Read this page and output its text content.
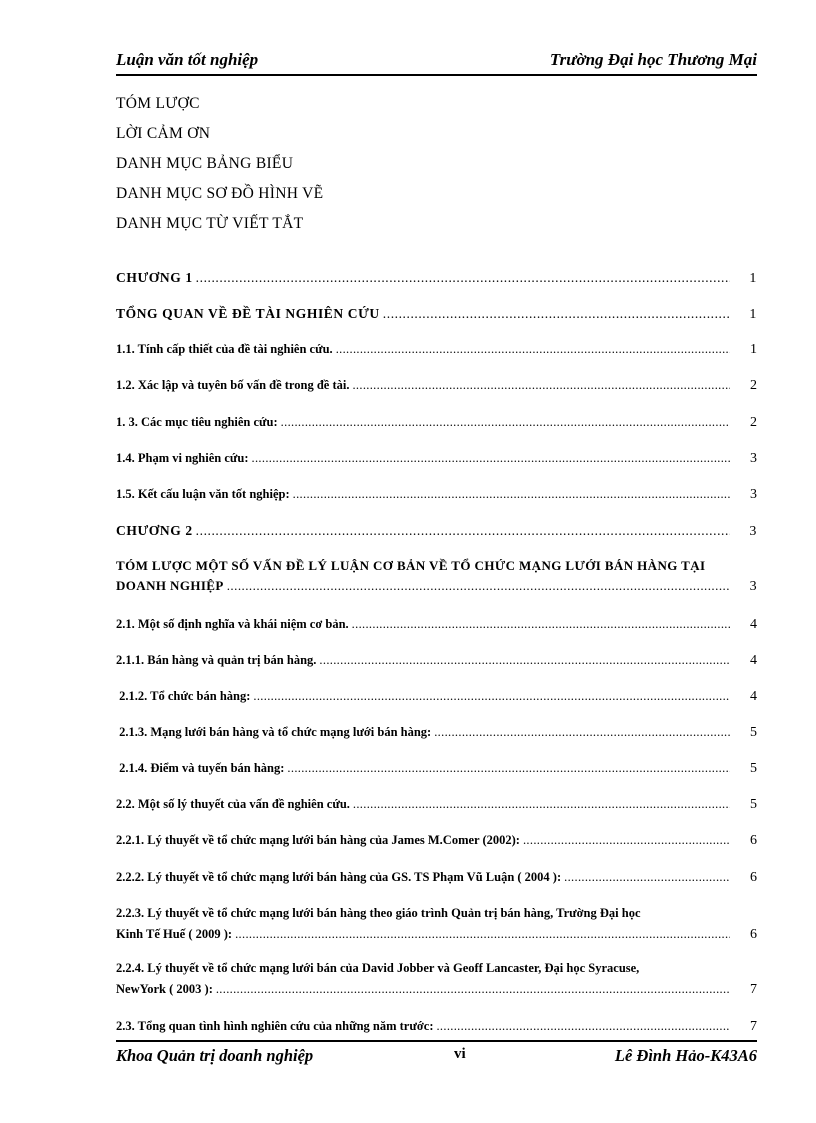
Luận văn tốt nghiệp	Trường Đại học Thương Mại
TÓM LƯỢC
LỜI CẢM ƠN
DANH MỤC BẢNG BIỂU
DANH MỤC SƠ ĐỒ HÌNH VẼ
DANH MỤC TỪ VIẾT TẮT
CHƯƠNG 1 . . .	1
TỔNG QUAN VỀ ĐỀ TÀI NGHIÊN CỨU . . .	1
1.1. Tính cấp thiết của đề tài nghiên cứu. . . .	1
1.2. Xác lập và tuyên bố vấn đề trong đề tài. . . .	2
1. 3. Các mục tiêu nghiên cứu: . . .	2
1.4. Phạm vi nghiên cứu: . . .	3
1.5. Kết cấu luận văn tốt nghiệp: . . .	3
CHƯƠNG 2 . . .	3
TÓM LƯỢC MỘT SỐ VẤN ĐỀ LÝ LUẬN CƠ BẢN VỀ TỔ CHỨC MẠNG LƯỚI BÁN HÀNG TẠI
DOANH NGHIỆP . . .	3
2.1. Một số định nghĩa và khái niệm cơ bản. . . .	4
2.1.1. Bán hàng và quản trị bán hàng. . . .	4
2.1.2. Tổ chức bán hàng: . . .	4
2.1.3. Mạng lưới bán hàng và tổ chức mạng lưới bán hàng: . . .	5
2.1.4. Điểm và tuyến bán hàng: . . .	5
2.2. Một số lý thuyết của vấn đề nghiên cứu. . . .	5
2.2.1. Lý thuyết về tổ chức mạng lưới bán hàng của James M.Comer (2002): . . .	6
2.2.2. Lý thuyết về tổ chức mạng lưới bán hàng của GS. TS Phạm Vũ Luận ( 2004 ): . . .	6
2.2.3. Lý thuyết về tổ chức mạng lưới bán hàng theo giáo trình Quản trị bán hàng, Trường Đại học
Kinh Tế Huế ( 2009 ): . . .	6
2.2.4. Lý thuyết về tổ chức mạng lưới bán của David Jobber và Geoff Lancaster, Đại học Syracuse,
NewYork ( 2003 ): . . .	7
2.3. Tổng quan tình hình nghiên cứu của những năm trước: . . .	7
Khoa Quản trị doanh nghiệp	vi	Lê Đình Hảo-K43A6
